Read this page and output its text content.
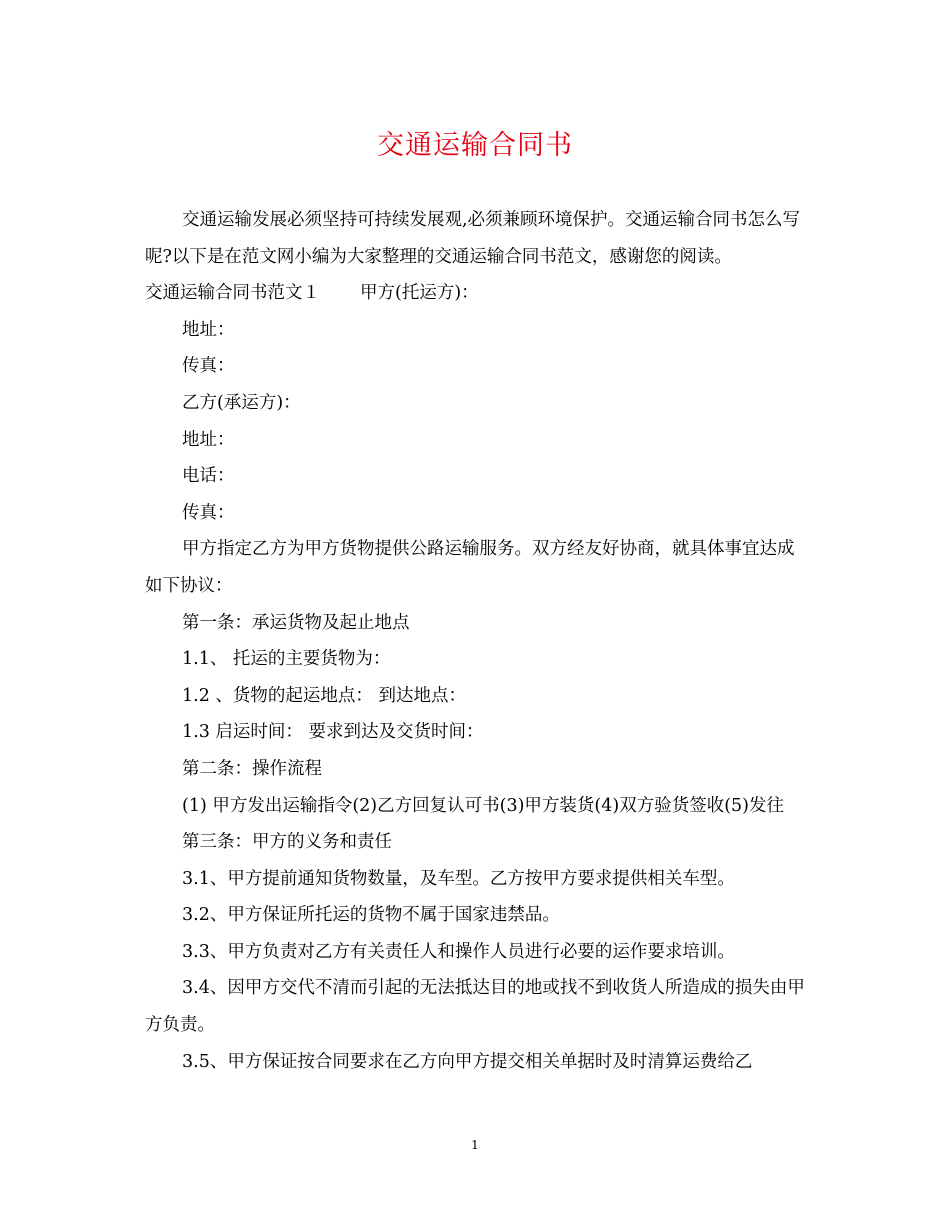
交通运输合同书

交通运输发展必须坚持可持续发展观,必须兼顾环境保护。交通运输合同书怎么写呢?以下是在范文网小编为大家整理的交通运输合同书范文，感谢您的阅读。

交通运输合同书范文１ 甲方(托运方)：

地址：

传真：

乙方(承运方)：

地址：

电话：

传真：

甲方指定乙方为甲方货物提供公路运输服务。双方经友好协商，就具体事宜达成如下协议：

第一条：承运货物及起止地点

1.1、 托运的主要货物为：

1.2 、货物的起运地点： 到达地点：

1.3 启运时间： 要求到达及交货时间：

第二条：操作流程

(1) 甲方发出运输指令(2)乙方回复认可书(3)甲方装货(4)双方验货签收(5)发往

第三条：甲方的义务和责任

3.1、甲方提前通知货物数量，及车型。乙方按甲方要求提供相关车型。

3.2、甲方保证所托运的货物不属于国家违禁品。

3.3、甲方负责对乙方有关责任人和操作人员进行必要的运作要求培训。

3.4、因甲方交代不清而引起的无法抵达目的地或找不到收货人所造成的损失由甲方负责。

3.5、甲方保证按合同要求在乙方向甲方提交相关单据时及时清算运费给乙

1
